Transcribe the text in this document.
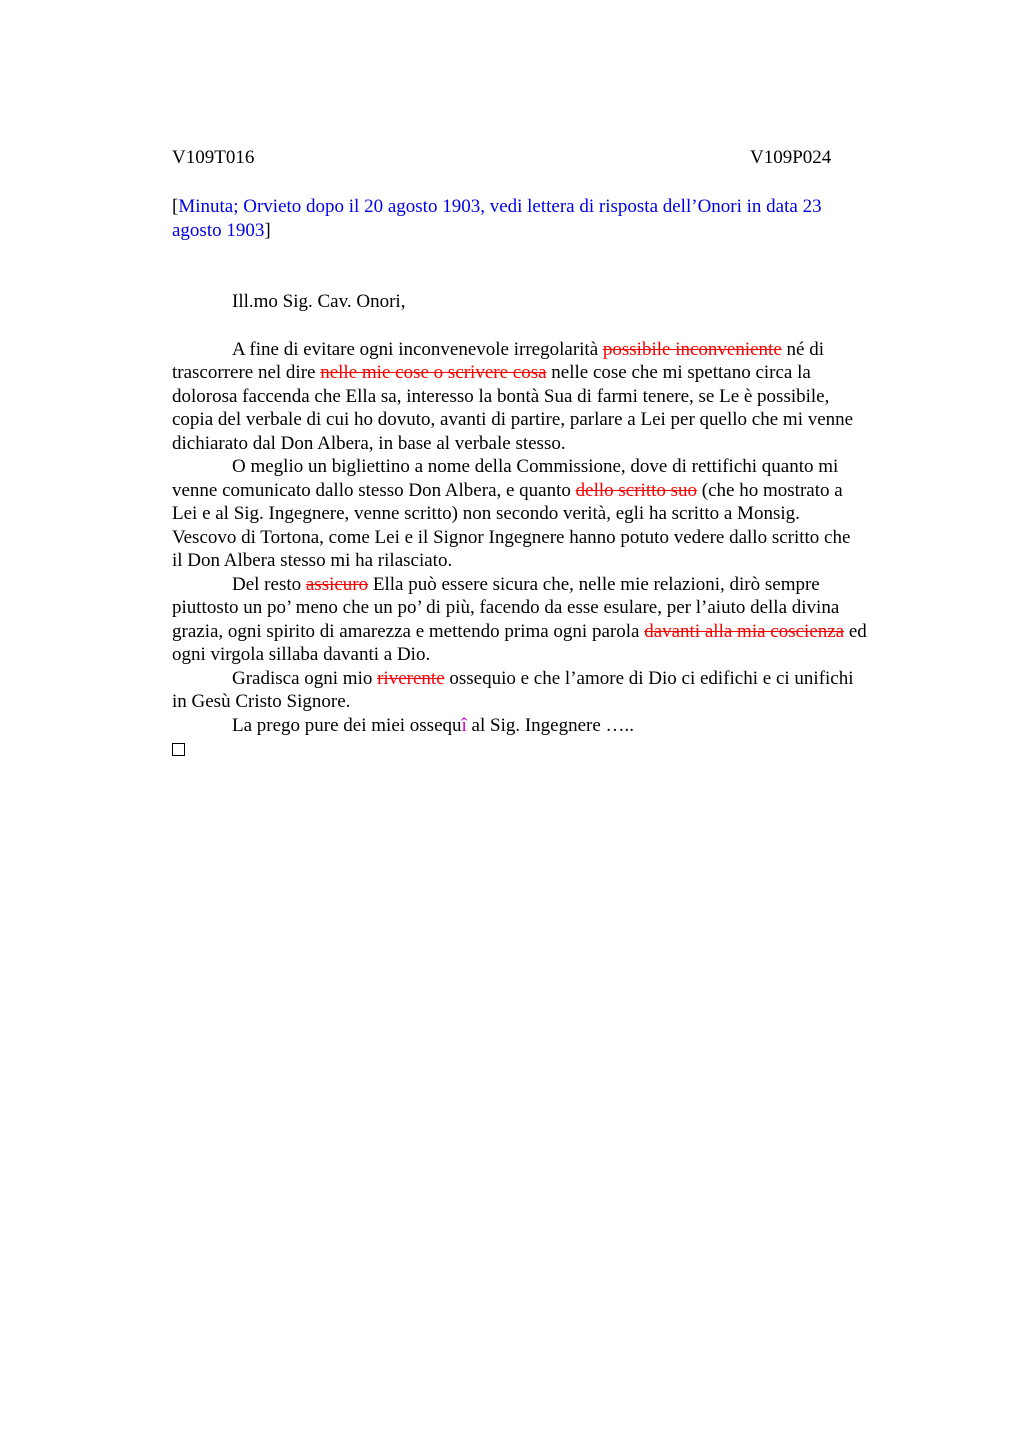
V109T016	V109P024
[Minuta; Orvieto dopo il 20 agosto 1903, vedi lettera di risposta dell’Onori in data 23
agosto 1903]
Ill.mo Sig. Cav. Onori,

A fine di evitare ogni inconvenevole irregolarità possibile inconveniente né di
trascorrere nel dire nelle mie cose o scrivere cosa nelle cose che mi spettano circa la
dolorosa faccenda che Ella sa, interesso la bontà Sua di farmi tenere, se Le è possibile,
copia del verbale di cui ho dovuto, avanti di partire, parlare a Lei per quello che mi venne
dichiarato dal Don Albera, in base al verbale stesso.

O meglio un bigliettino a nome della Commissione, dove di rettifichi quanto mi
venne comunicato dallo stesso Don Albera, e quanto dello scritto suo (che ho mostrato a
Lei e al Sig. Ingegnere, venne scritto) non secondo verità, egli ha scritto a Monsig.
Vescovo di Tortona, come Lei e il Signor Ingegnere hanno potuto vedere dallo scritto che
il Don Albera stesso mi ha rilasciato.

Del resto assicuro Ella può essere sicura che, nelle mie relazioni, dirò sempre
piuttosto un po’ meno che un po’ di più, facendo da esse esulare, per l’aiuto della divina
grazia, ogni spirito di amarezza e mettendo prima ogni parola davanti alla mia coscienza ed
ogni virgola sillaba davanti a Dio.

Gradisca ogni mio riverente ossequio e che l’amore di Dio ci edifichi e ci unifichi
in Gesù Cristo Signore.

La prego pure dei miei ossequî al Sig. Ingegnere …..
